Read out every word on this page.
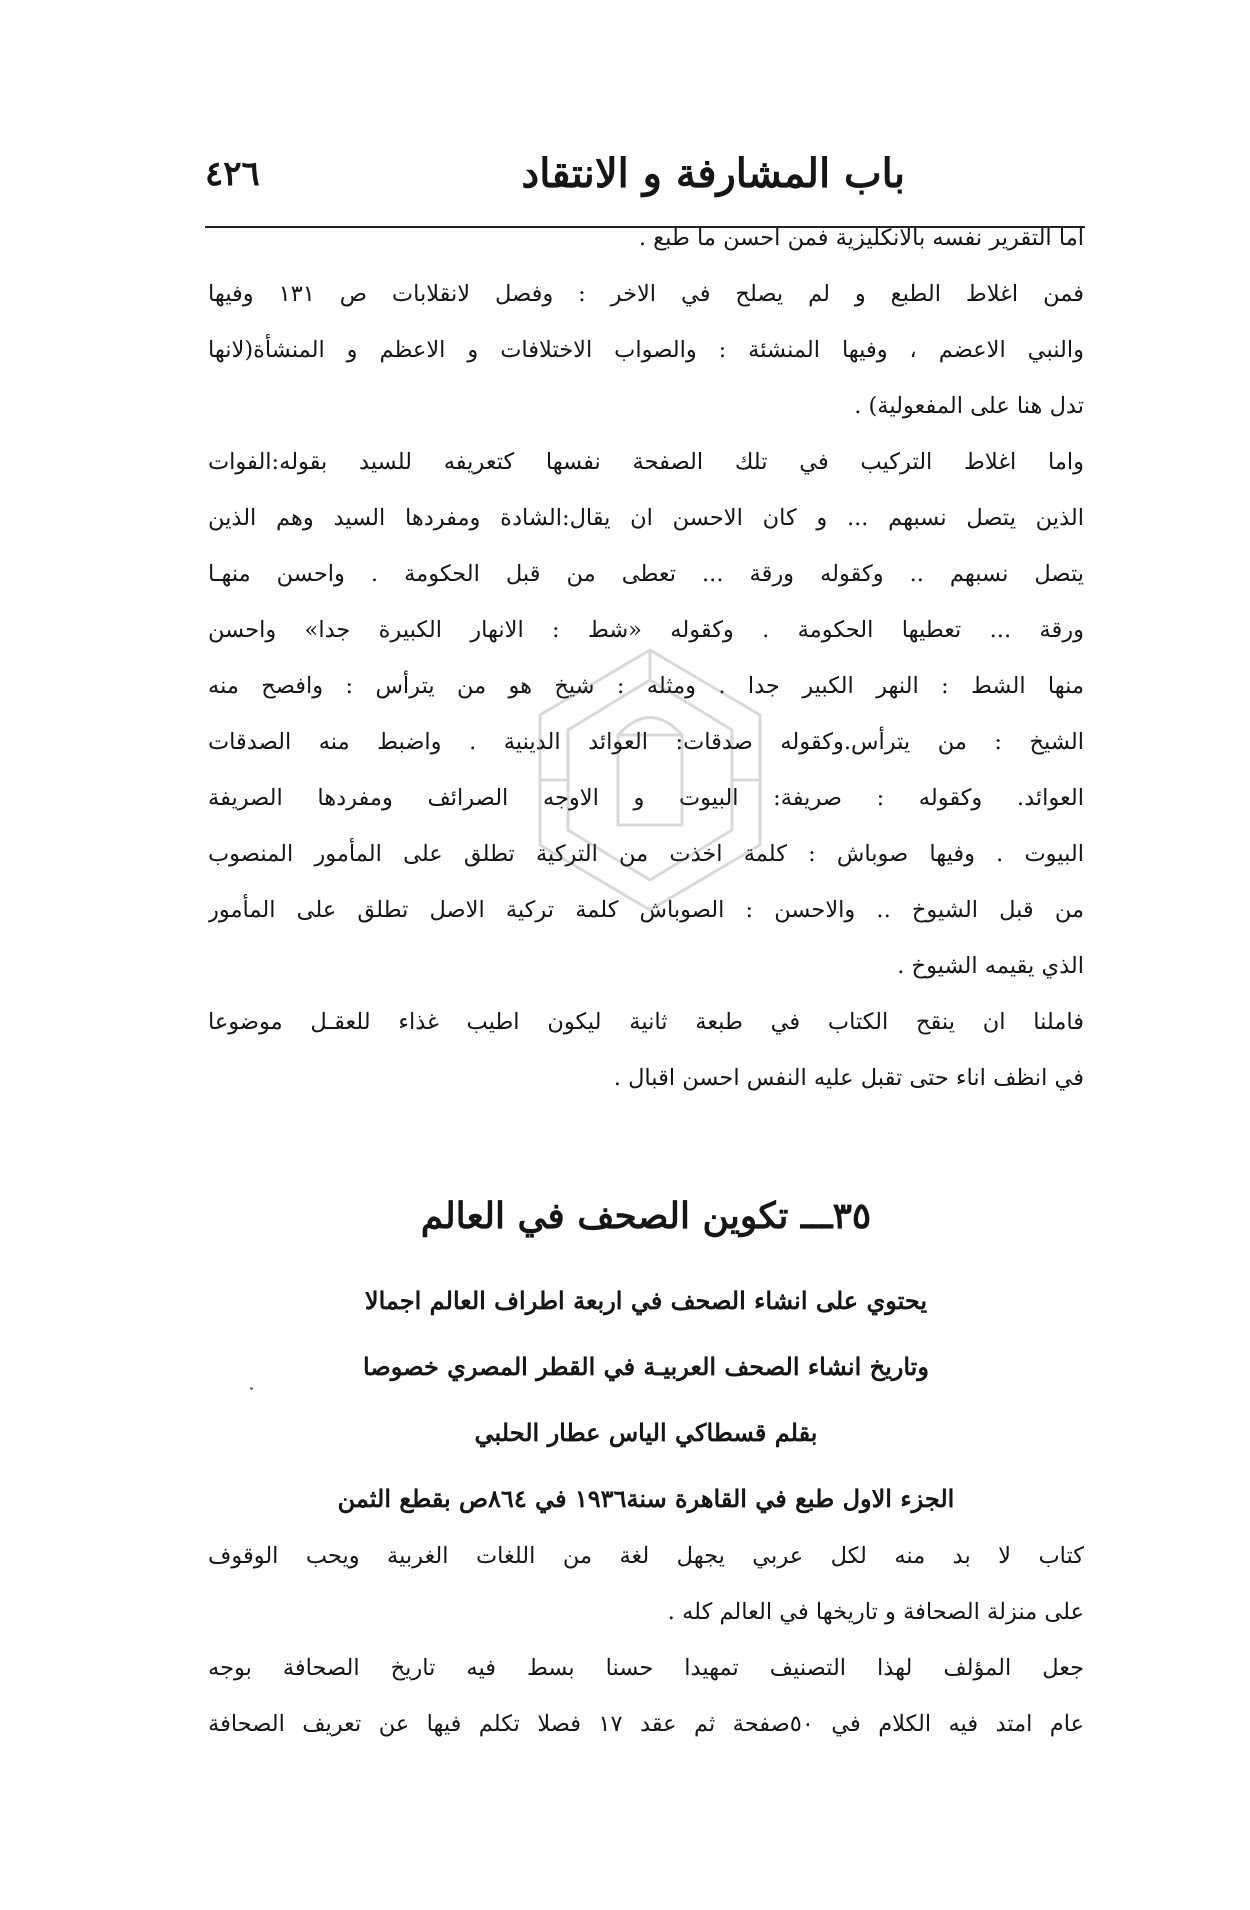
باب المشارفة و الانتقاد
٤٢٦
اما التقرير نفسه بالانكليزية فمن احسن ما طبع .
فمن اغلاط الطبع و لم يصلح في الاخر : وفصل لانقلابات ص ١٣١ وفيها
والنبي الاعضم ، وفيها المنشئة : والصواب الاختلافات و الاعظم و المنشأة(لانها
تدل هنا على المفعولية) .
واما اغلاط التركيب في تلك الصفحة نفسها كتعريفه للسيد بقوله:الفوات
الذين يتصل نسبهم ... و كان الاحسن ان يقال:الشادة ومفردها السيد وهم الذين
يتصل نسبهم .. وكقوله ورقة ... تعطى من قبل الحكومة . واحسن منهـا
ورقة ... تعطيها الحكومة . وكقوله «شط : الانهار الكبيرة جدا» واحسن
منها الشط : النهر الكبير جدا . ومثله : شيخ هو من يترأس : وافصح منه
الشيخ : من يترأس.وكقوله صدقات: العوائد الدينية . واضبط منه الصدقات
العوائد. وكقوله : صريفة: البيوت و الاوجه الصرائف ومفردها الصريفة
البيوت . وفيها صوباش : كلمة اخذت من التركية تطلق على المأمور المنصوب
من قبل الشيوخ .. والاحسن : الصوباش كلمة تركية الاصل تطلق على المأمور
الذي يقيمه الشيوخ .
فاملنا ان ينقح الكتاب في طبعة ثانية ليكون اطيب غذاء للعقـل موضوعا
في انظف اناء حتى تقبل عليه النفس احسن اقبال .
٣٥ـــ تكوين الصحف في العالم
يحتوي على انشاء الصحف في اربعة اطراف العالم اجمالا
وتاريخ انشاء الصحف العربيـة في القطر المصري خصوصا
بقلم قسطاكي الياس عطار الحلبي
الجزء الاول طبع في القاهرة سنة١٩٣٦ في ٨٦٤ص بقطع الثمن
كتاب لا بد منه لكل عربي يجهل لغة من اللغات الغربية ويحب الوقوف
على منزلة الصحافة و تاريخها في العالم كله .
جعل المؤلف لهذا التصنيف تمهيدا حسنا بسط فيه تاريخ الصحافة بوجه
عام امتد فيه الكلام في ٥٠صفحة ثم عقد ١٧ فصلا تكلم فيها عن تعريف الصحافة
